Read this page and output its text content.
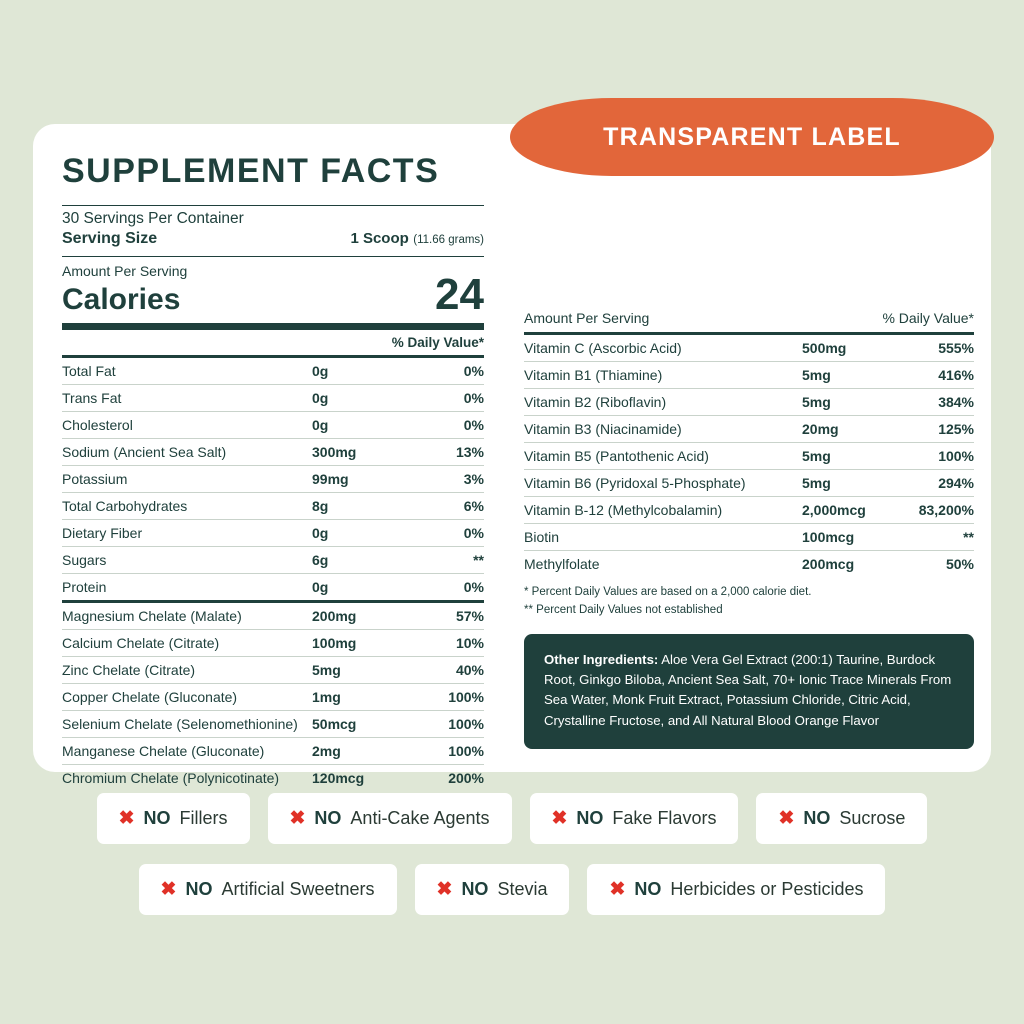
TRANSPARENT LABEL
SUPPLEMENT FACTS
30 Servings Per Container
Serving Size	1 Scoop (11.66 grams)
Amount Per Serving
Calories	24
% Daily Value*
Total Fat	0g	0%
Trans Fat	0g	0%
Cholesterol	0g	0%
Sodium (Ancient Sea Salt)	300mg	13%
Potassium	99mg	3%
Total Carbohydrates	8g	6%
Dietary Fiber	0g	0%
Sugars	6g	**
Protein	0g	0%
Magnesium Chelate (Malate)	200mg	57%
Calcium Chelate (Citrate)	100mg	10%
Zinc Chelate (Citrate)	5mg	40%
Copper Chelate (Gluconate)	1mg	100%
Selenium Chelate (Selenomethionine)	50mcg	100%
Manganese Chelate (Gluconate)	2mg	100%
Chromium Chelate (Polynicotinate)	120mcg	200%
Amount Per Serving	% Daily Value*
Vitamin C (Ascorbic Acid)	500mg	555%
Vitamin B1 (Thiamine)	5mg	416%
Vitamin B2 (Riboflavin)	5mg	384%
Vitamin B3 (Niacinamide)	20mg	125%
Vitamin B5 (Pantothenic Acid)	5mg	100%
Vitamin B6 (Pyridoxal 5-Phosphate)	5mg	294%
Vitamin B-12 (Methylcobalamin)	2,000mcg	83,200%
Biotin	100mcg	**
Methylfolate	200mcg	50%
* Percent Daily Values are based on a 2,000 calorie diet.
** Percent Daily Values not established
Other Ingredients: Aloe Vera Gel Extract (200:1) Taurine, Burdock Root, Ginkgo Biloba, Ancient Sea Salt, 70+ Ionic Trace Minerals From Sea Water, Monk Fruit Extract, Potassium Chloride, Citric Acid, Crystalline Fructose, and All Natural Blood Orange Flavor
✖ NO Fillers	✖ NO Anti-Cake Agents	✖ NO Fake Flavors	✖ NO Sucrose
✖ NO Artificial Sweetners	✖ NO Stevia	✖ NO Herbicides or Pesticides
